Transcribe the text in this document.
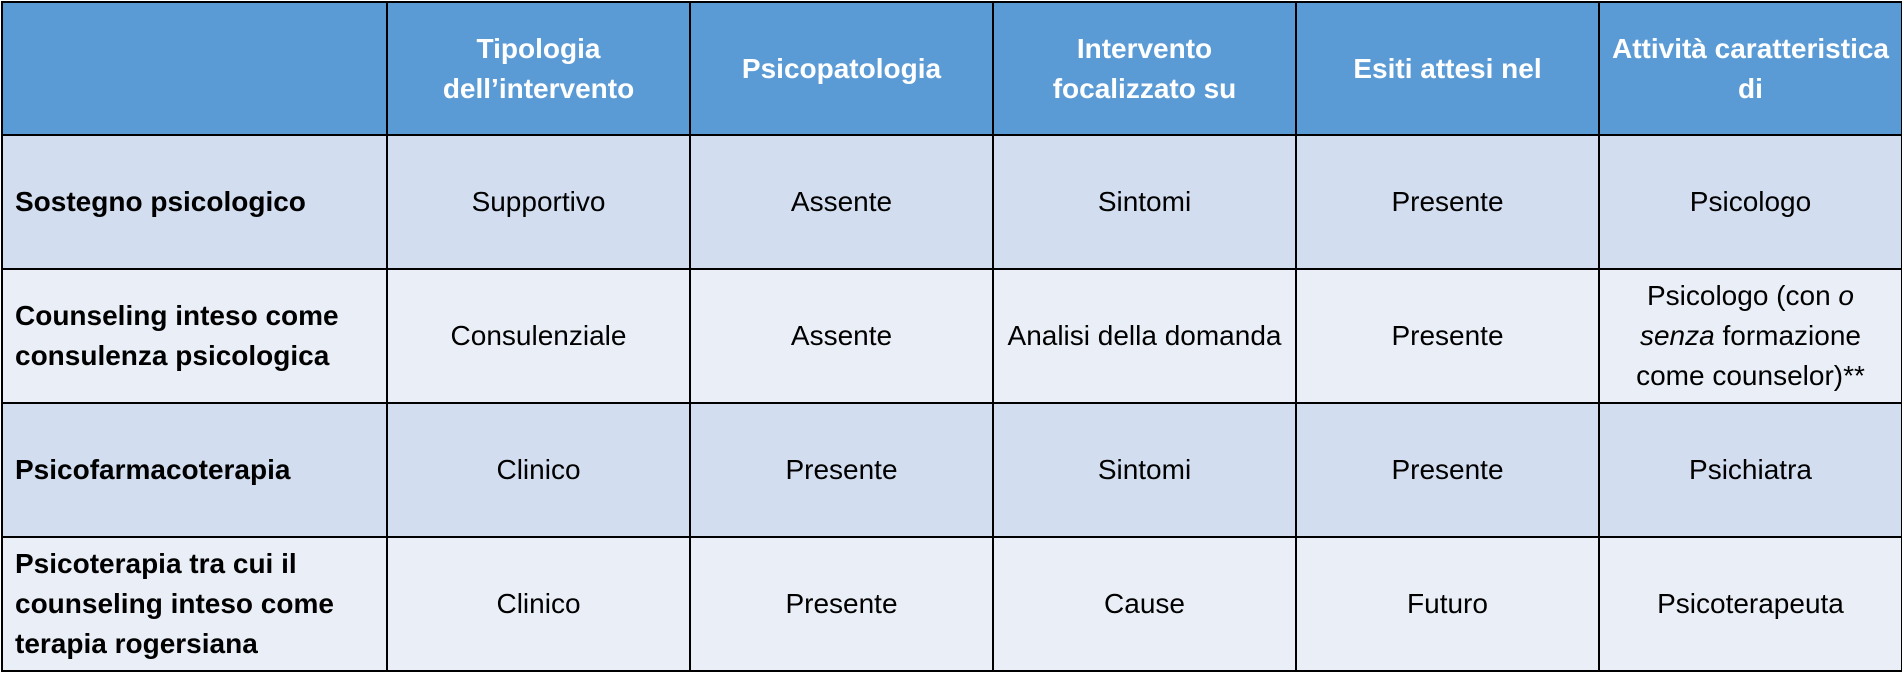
	Tipologia dell’intervento	Psicopatologia	Intervento focalizzato su	Esiti attesi nel	Attività caratteristica di
Sostegno psicologico	Supportivo	Assente	Sintomi	Presente	Psicologo
Counseling inteso come consulenza psicologica	Consulenziale	Assente	Analisi della domanda	Presente	Psicologo (con o senza formazione come counselor)**
Psicofarmacoterapia	Clinico	Presente	Sintomi	Presente	Psichiatra
Psicoterapia tra cui il counseling inteso come terapia rogersiana	Clinico	Presente	Cause	Futuro	Psicoterapeuta
